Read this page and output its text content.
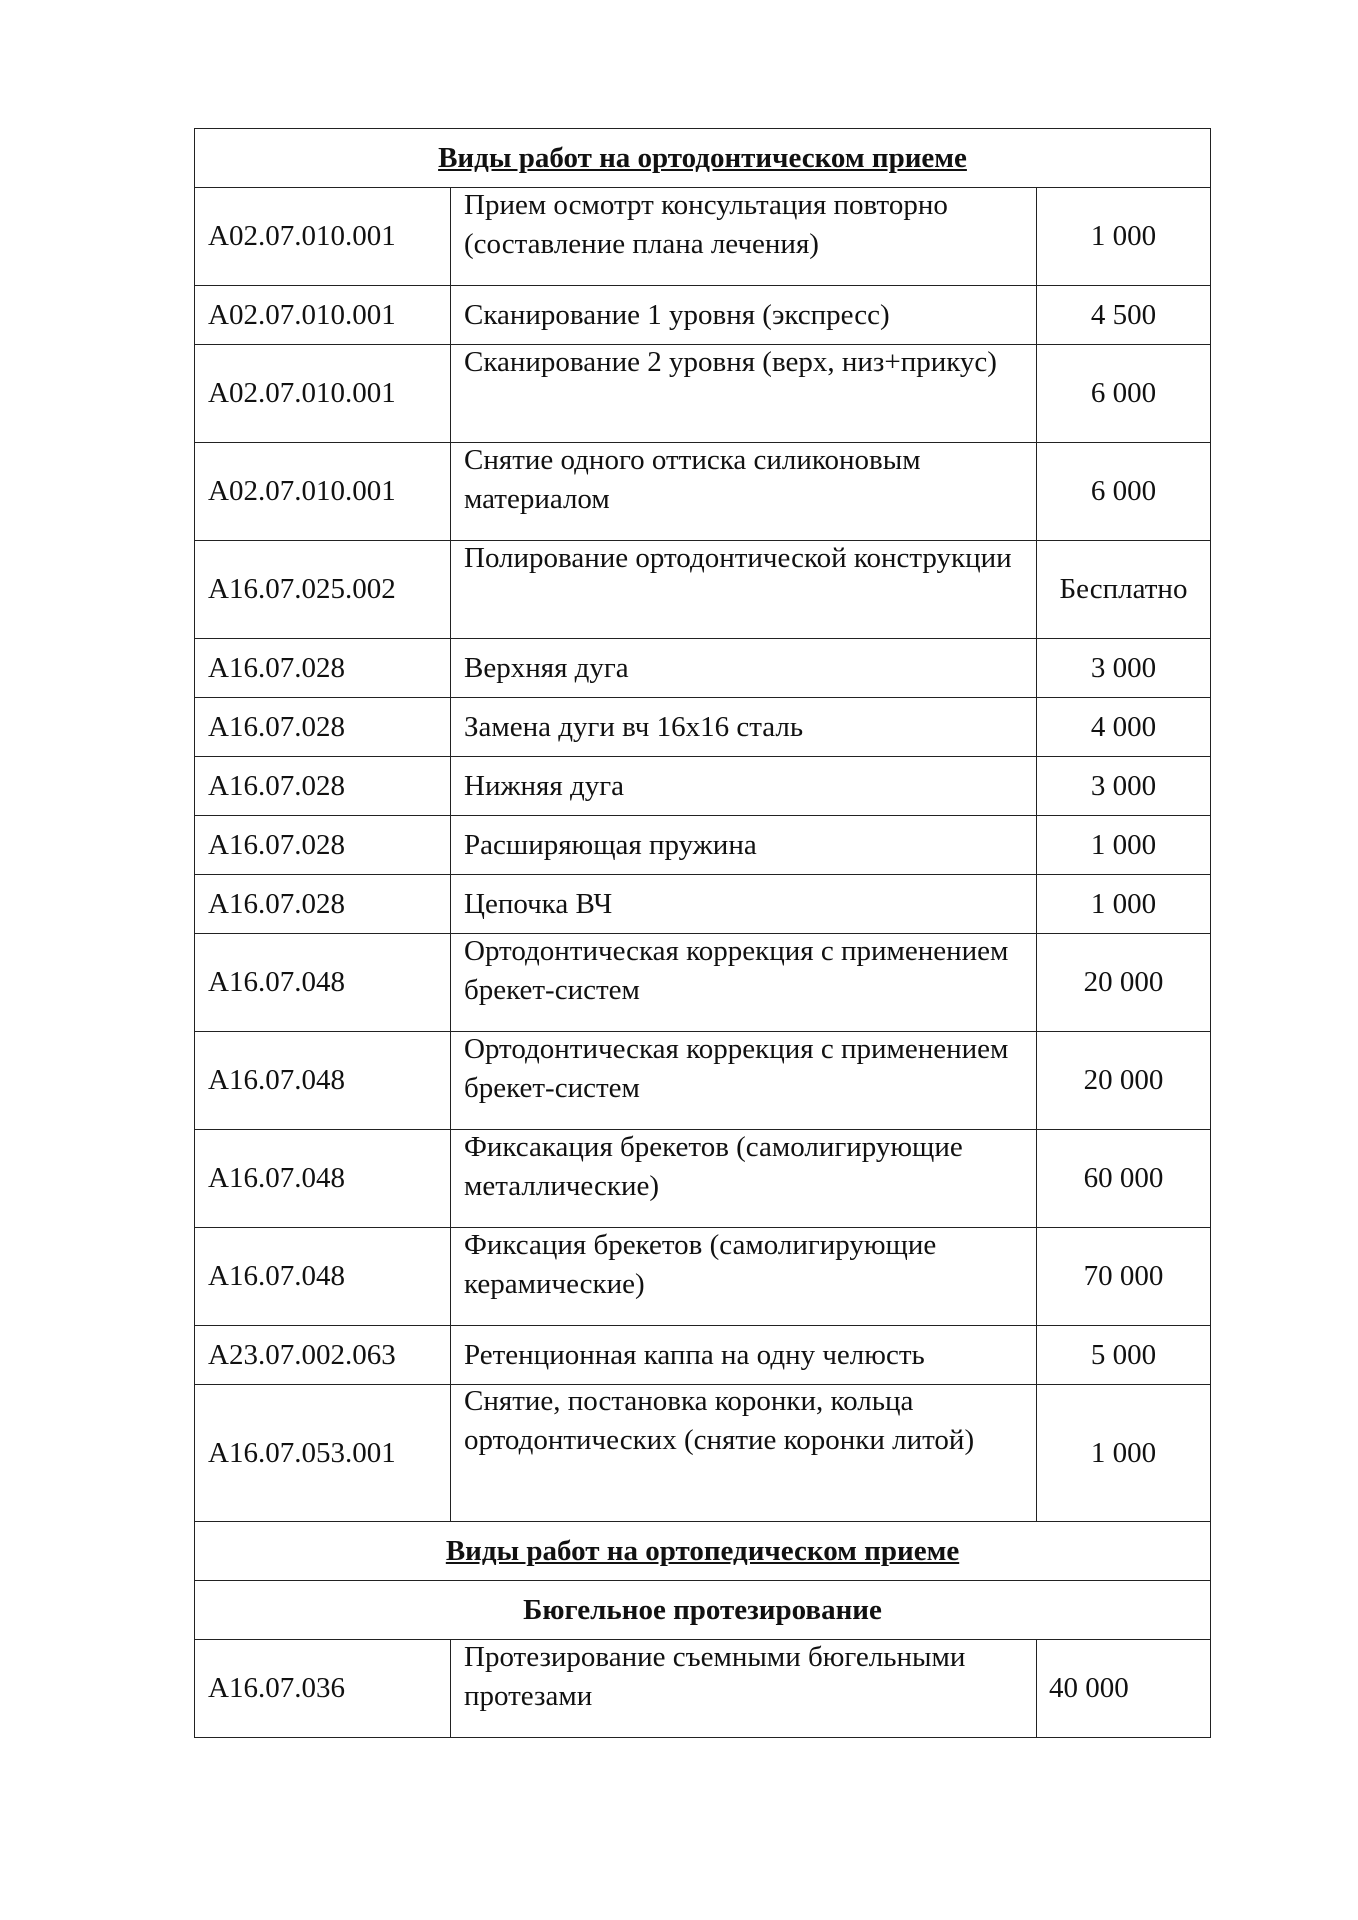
Виды работ на ортодонтическом приеме		
A02.07.010.001	Прием осмотрт консультация повторно (составление плана лечения)	1 000
A02.07.010.001	Сканирование 1 уровня (экспресс)	4 500
A02.07.010.001	Сканирование 2 уровня (верх, низ+прикус)	6 000
A02.07.010.001	Снятие одного оттиска силиконовым материалом	6 000
A16.07.025.002	Полирование ортодонтической конструкции	Бесплатно
A16.07.028	Верхняя дуга	3 000
A16.07.028	Замена дуги вч 16х16 сталь	4 000
A16.07.028	Нижняя дуга	3 000
A16.07.028	Расширяющая пружина	1 000
A16.07.028	Цепочка ВЧ	1 000
A16.07.048	Ортодонтическая коррекция с применением брекет-систем	20 000
A16.07.048	Ортодонтическая коррекция с применением брекет-систем	20 000
A16.07.048	Фиксакация брекетов (самолигирующие металлические)	60 000
A16.07.048	Фиксация брекетов (самолигирующие керамические)	70 000
A23.07.002.063	Ретенционная каппа на одну челюсть	5 000
A16.07.053.001	Снятие, постановка коронки, кольца ортодонтических (снятие коронки литой)	1 000
Виды работ на ортопедическом приеме		
Бюгельное протезирование		
A16.07.036	Протезирование съемными бюгельными протезами	40 000
